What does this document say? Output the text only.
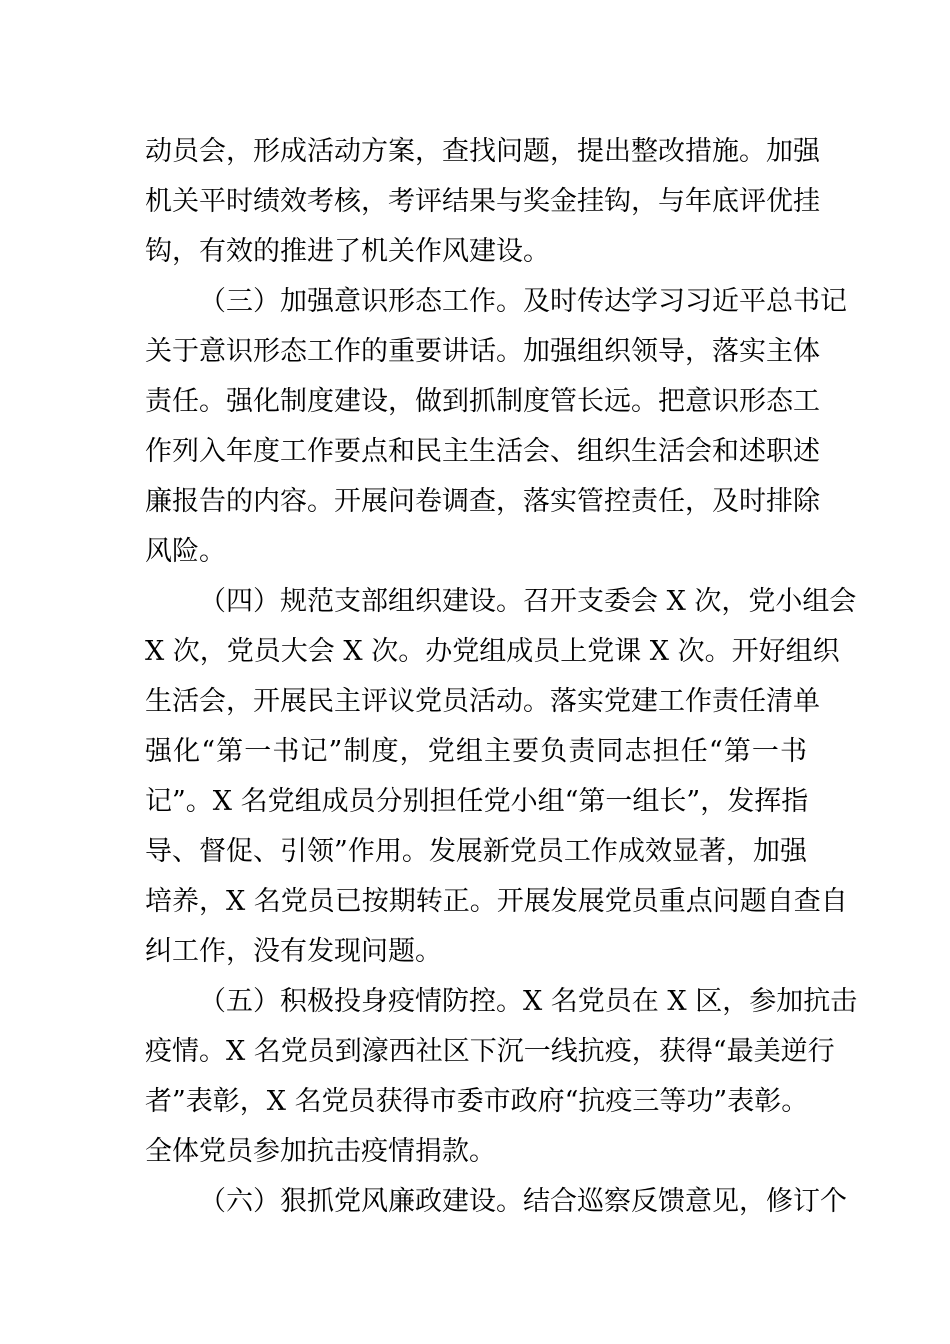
动员会，形成活动方案，查找问题，提出整改措施。加强
机关平时绩效考核，考评结果与奖金挂钩，与年底评优挂
钩，有效的推进了机关作风建设。
（三）加强意识形态工作。及时传达学习习近平总书记
关于意识形态工作的重要讲话。加强组织领导，落实主体
责任。强化制度建设，做到抓制度管长远。把意识形态工
作列入年度工作要点和民主生活会、组织生活会和述职述
廉报告的内容。开展问卷调查，落实管控责任，及时排除
风险。
（四）规范支部组织建设。召开支委会 X 次，党小组会
X 次，党员大会 X 次。办党组成员上党课 X 次。开好组织
生活会，开展民主评议党员活动。落实党建工作责任清单
强化“第一书记”制度，党组主要负责同志担任“第一书
记”。X 名党组成员分别担任党小组“第一组长”，发挥指
导、督促、引领”作用。发展新党员工作成效显著，加强
培养，X 名党员已按期转正。开展发展党员重点问题自查自
纠工作，没有发现问题。
（五）积极投身疫情防控。X 名党员在 X 区，参加抗击
疫情。X 名党员到濠西社区下沉一线抗疫，获得“最美逆行
者”表彰，X 名党员获得市委市政府“抗疫三等功”表彰。
全体党员参加抗击疫情捐款。
（六）狠抓党风廉政建设。结合巡察反馈意见，修订个
